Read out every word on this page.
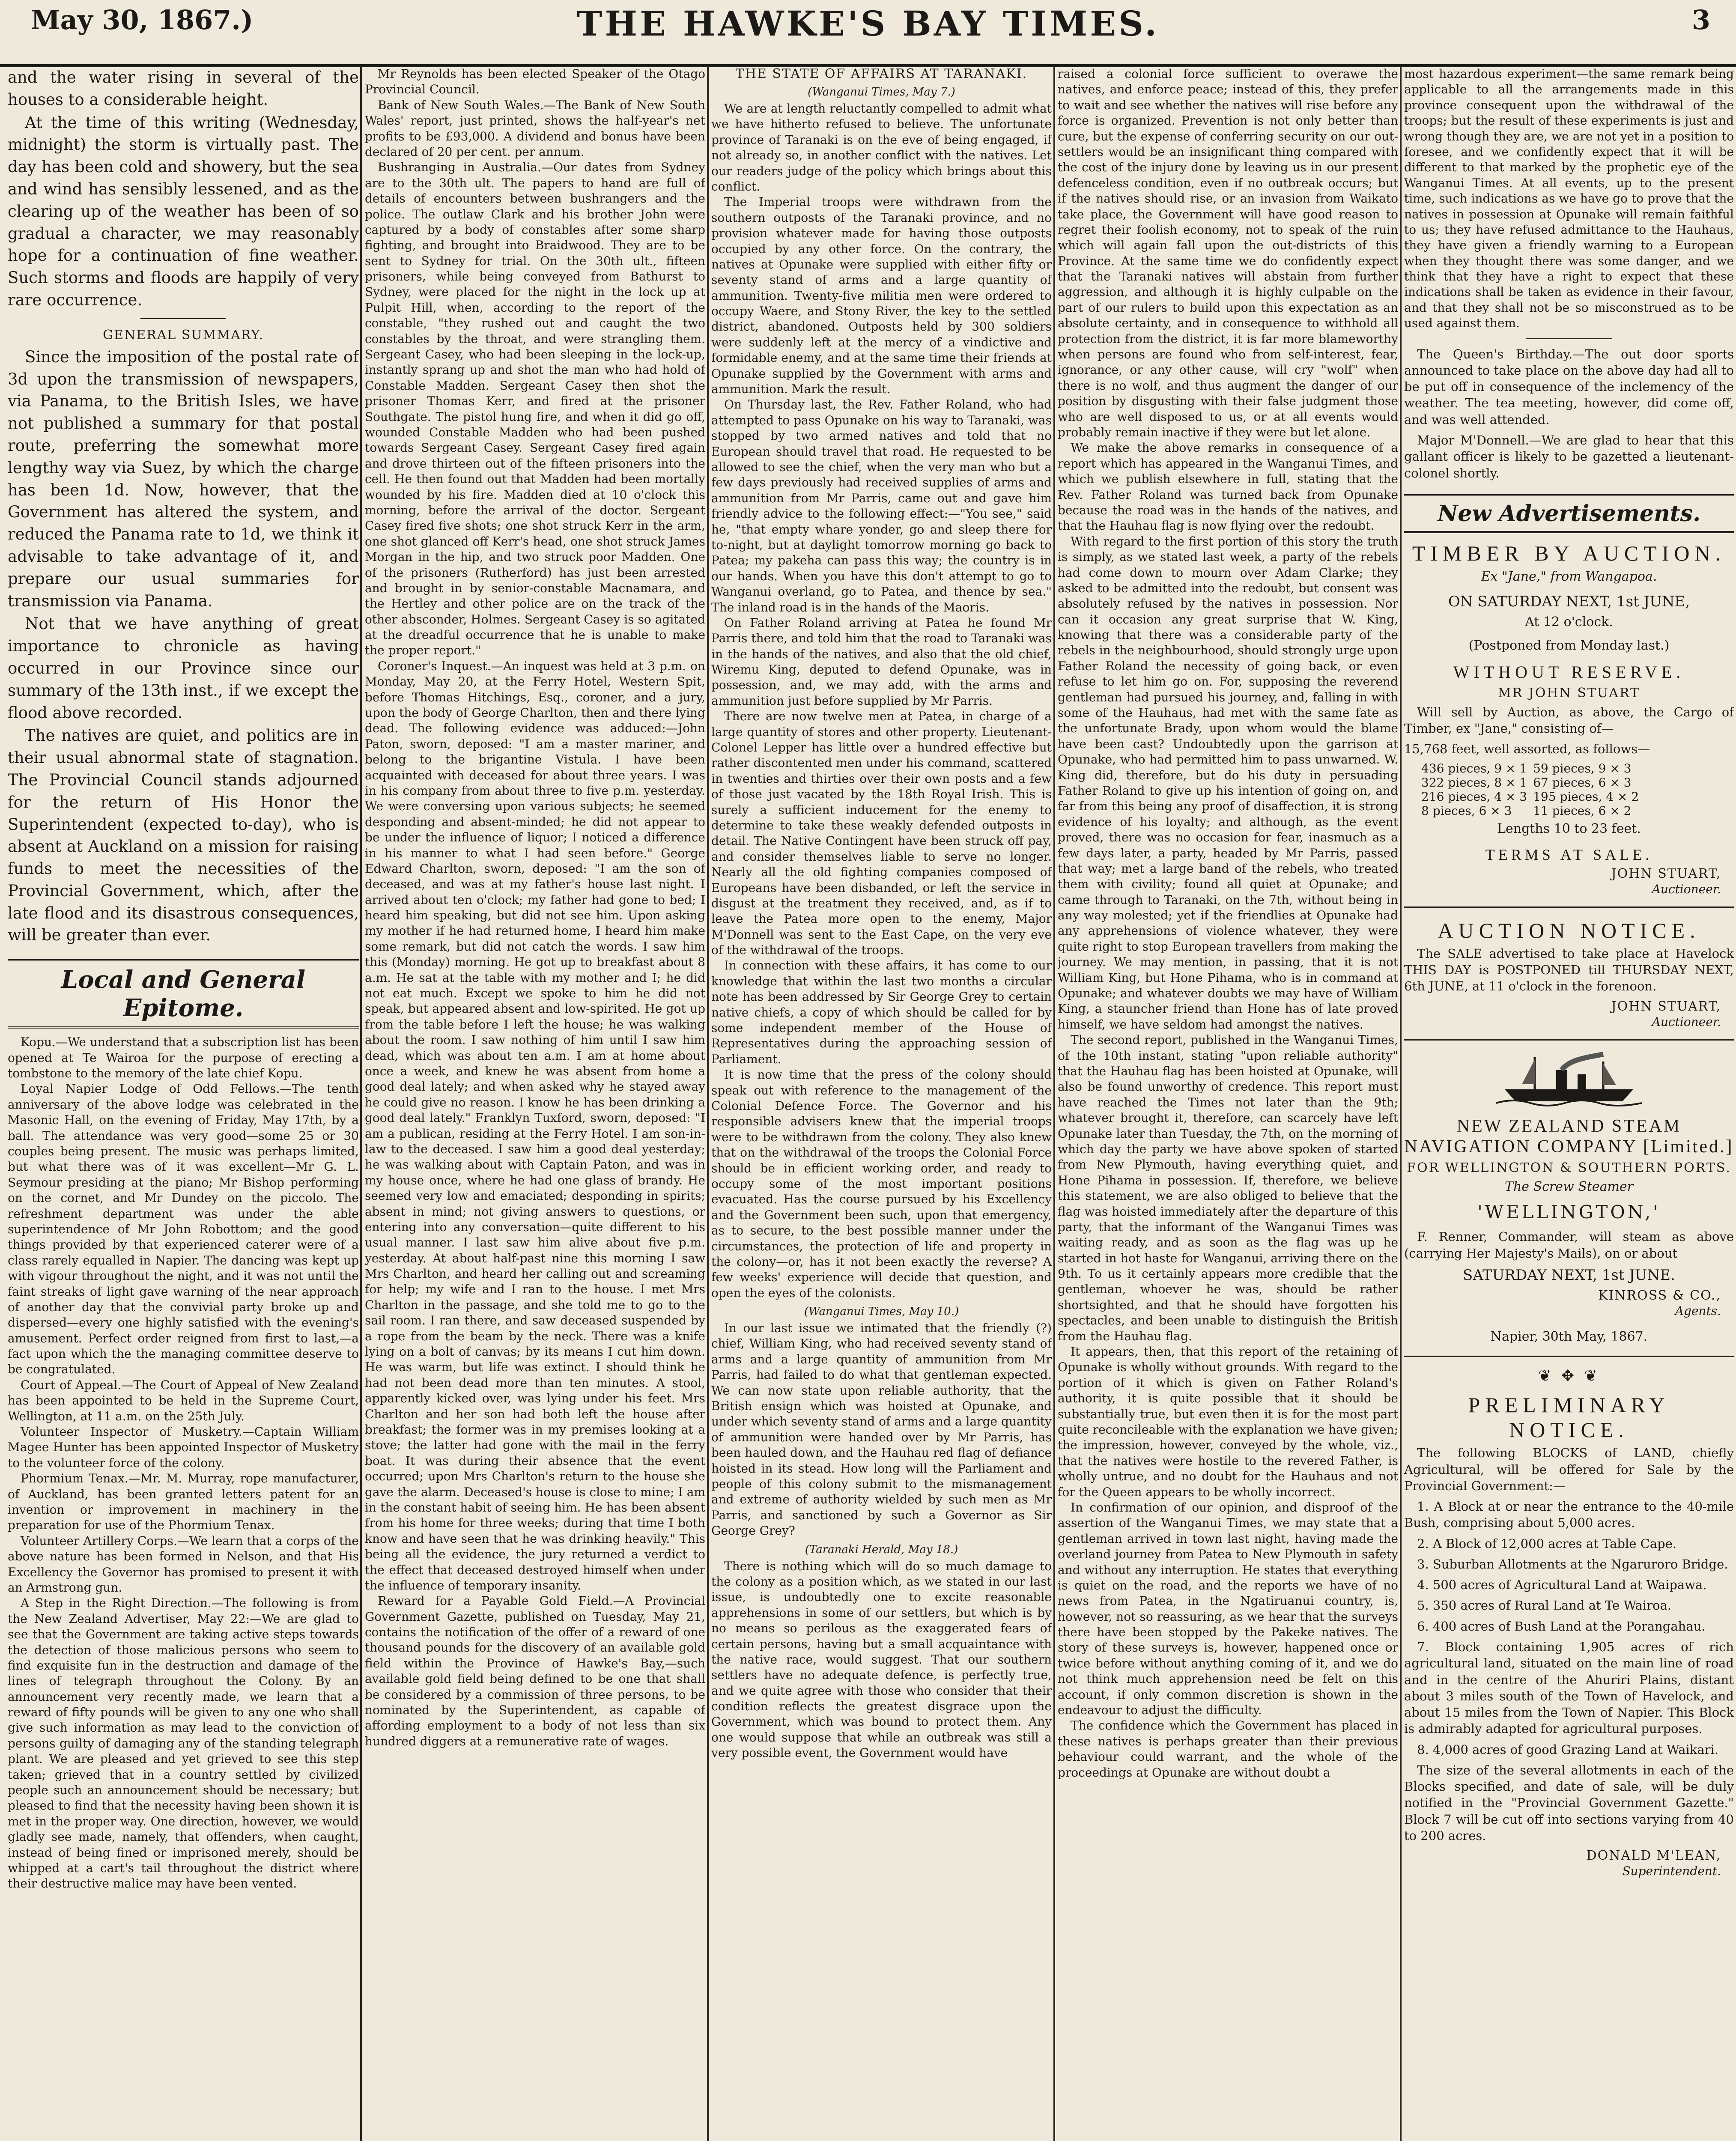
May 30, 1867.)	THE HAWKE'S BAY TIMES.	3

and the water rising in several of the houses to a considerable height.

At the time of this writing (Wednesday, midnight) the storm is virtually past. The day has been cold and showery, but the sea and wind has sensibly lessened, and as the clearing up of the weather has been of so gradual a character, we may reasonably hope for a continuation of fine weather. Such storms and floods are happily of very rare occurrence.

GENERAL SUMMARY.

Since the imposition of the postal rate of 3d upon the transmission of newspapers, via Panama, to the British Isles, we have not published a summary for that postal route, preferring the somewhat more lengthy way via Suez, by which the charge has been 1d. Now, however, that the Government has altered the system, and reduced the Panama rate to 1d, we think it advisable to take advantage of it, and prepare our usual summaries for transmission via Panama.

Not that we have anything of great importance to chronicle as having occurred in our Province since our summary of the 13th inst., if we except the flood above recorded.

The natives are quiet, and politics are in their usual abnormal state of stagnation. The Provincial Council stands adjourned for the return of His Honor the Superintendent (expected to-day), who is absent at Auckland on a mission for raising funds to meet the necessities of the Provincial Government, which, after the late flood and its disastrous consequences, will be greater than ever.

Local and General Epitome.

Kopu.—We understand that a subscription list has been opened at Te Wairoa for the purpose of erecting a tombstone to the memory of the late chief Kopu.

Loyal Napier Lodge of Odd Fellows.—The tenth anniversary of the above lodge was celebrated in the Masonic Hall, on the evening of Friday, May 17th, by a ball. The attendance was very good—some 25 or 30 couples being present. The music was perhaps limited, but what there was of it was excellent—Mr G. L. Seymour presiding at the piano; Mr Bishop performing on the cornet, and Mr Dundey on the piccolo. The refreshment department was under the able superintendence of Mr John Robottom; and the good things provided by that experienced caterer were of a class rarely equalled in Napier. The dancing was kept up with vigour throughout the night, and it was not until the faint streaks of light gave warning of the near approach of another day that the convivial party broke up and dispersed—every one highly satisfied with the evening's amusement. Perfect order reigned from first to last,—a fact upon which the the managing committee deserve to be congratulated.

Court of Appeal.—The Court of Appeal of New Zealand has been appointed to be held in the Supreme Court, Wellington, at 11 a.m. on the 25th July.

Volunteer Inspector of Musketry.—Captain William Magee Hunter has been appointed Inspector of Musketry to the volunteer force of the colony.

Phormium Tenax.—Mr. M. Murray, rope manufacturer, of Auckland, has been granted letters patent for an invention or improvement in machinery in the preparation for use of the Phormium Tenax.

Volunteer Artillery Corps.—We learn that a corps of the above nature has been formed in Nelson, and that His Excellency the Governor has promised to present it with an Armstrong gun.

A Step in the Right Direction.—The following is from the New Zealand Advertiser, May 22:—We are glad to see that the Government are taking active steps towards the detection of those malicious persons who seem to find exquisite fun in the destruction and damage of the lines of telegraph throughout the Colony. By an announcement very recently made, we learn that a reward of fifty pounds will be given to any one who shall give such information as may lead to the conviction of persons guilty of damaging any of the standing telegraph plant. We are pleased and yet grieved to see this step taken; grieved that in a country settled by civilized people such an announcement should be necessary; but pleased to find that the necessity having been shown it is met in the proper way. One direction, however, we would gladly see made, namely, that offenders, when caught, instead of being fined or imprisoned merely, should be whipped at a cart's tail throughout the district where their destructive malice may have been vented.

Mr Reynolds has been elected Speaker of the Otago Provincial Council.

Bank of New South Wales.—The Bank of New South Wales' report, just printed, shows the half-year's net profits to be £93,000. A dividend and bonus have been declared of 20 per cent. per annum.

Bushranging in Australia.—Our dates from Sydney are to the 30th ult. The papers to hand are full of details of encounters between bushrangers and the police. The outlaw Clark and his brother John were captured by a body of constables after some sharp fighting, and brought into Braidwood. They are to be sent to Sydney for trial. On the 30th ult., fifteen prisoners, while being conveyed from Bathurst to Sydney, were placed for the night in the lock up at Pulpit Hill, when, according to the report of the constable, "they rushed out and caught the two constables by the throat, and were strangling them. Sergeant Casey, who had been sleeping in the lock-up, instantly sprang up and shot the man who had hold of Constable Madden. Sergeant Casey then shot the prisoner Thomas Kerr, and fired at the prisoner Southgate. The pistol hung fire, and when it did go off, wounded Constable Madden who had been pushed towards Sergeant Casey. Sergeant Casey fired again and drove thirteen out of the fifteen prisoners into the cell. He then found out that Madden had been mortally wounded by his fire. Madden died at 10 o'clock this morning, before the arrival of the doctor. Sergeant Casey fired five shots; one shot struck Kerr in the arm, one shot glanced off Kerr's head, one shot struck James Morgan in the hip, and two struck poor Madden. One of the prisoners (Rutherford) has just been arrested and brought in by senior-constable Macnamara, and the Hertley and other police are on the track of the other absconder, Holmes. Sergeant Casey is so agitated at the dreadful occurrence that he is unable to make the proper report."

Coroner's Inquest.—An inquest was held at 3 p.m. on Monday, May 20, at the Ferry Hotel, Western Spit, before Thomas Hitchings, Esq., coroner, and a jury, upon the body of George Charlton, then and there lying dead. The following evidence was adduced:—John Paton, sworn, deposed: "I am a master mariner, and belong to the brigantine Vistula. I have been acquainted with deceased for about three years. I was in his company from about three to five p.m. yesterday. We were conversing upon various subjects; he seemed desponding and absent-minded; he did not appear to be under the influence of liquor; I noticed a difference in his manner to what I had seen before." George Edward Charlton, sworn, deposed: "I am the son of deceased, and was at my father's house last night. I arrived about ten o'clock; my father had gone to bed; I heard him speaking, but did not see him. Upon asking my mother if he had returned home, I heard him make some remark, but did not catch the words. I saw him this (Monday) morning. He got up to breakfast about 8 a.m. He sat at the table with my mother and I; he did not eat much. Except we spoke to him he did not speak, but appeared absent and low-spirited. He got up from the table before I left the house; he was walking about the room. I saw nothing of him until I saw him dead, which was about ten a.m. I am at home about once a week, and knew he was absent from home a good deal lately; and when asked why he stayed away he could give no reason. I know he has been drinking a good deal lately." Franklyn Tuxford, sworn, deposed: "I am a publican, residing at the Ferry Hotel. I am son-in-law to the deceased. I saw him a good deal yesterday; he was walking about with Captain Paton, and was in my house once, where he had one glass of brandy. He seemed very low and emaciated; desponding in spirits; absent in mind; not giving answers to questions, or entering into any conversation—quite different to his usual manner. I last saw him alive about five p.m. yesterday. At about half-past nine this morning I saw Mrs Charlton, and heard her calling out and screaming for help; my wife and I ran to the house. I met Mrs Charlton in the passage, and she told me to go to the sail room. I ran there, and saw deceased suspended by a rope from the beam by the neck. There was a knife lying on a bolt of canvas; by its means I cut him down. He was warm, but life was extinct. I should think he had not been dead more than ten minutes. A stool, apparently kicked over, was lying under his feet. Mrs Charlton and her son had both left the house after breakfast; the former was in my premises looking at a stove; the latter had gone with the mail in the ferry boat. It was during their absence that the event occurred; upon Mrs Charlton's return to the house she gave the alarm. Deceased's house is close to mine; I am in the constant habit of seeing him. He has been absent from his home for three weeks; during that time I both know and have seen that he was drinking heavily." This being all the evidence, the jury returned a verdict to the effect that deceased destroyed himself when under the influence of temporary insanity.

Reward for a Payable Gold Field.—A Provincial Government Gazette, published on Tuesday, May 21, contains the notification of the offer of a reward of one thousand pounds for the discovery of an available gold field within the Province of Hawke's Bay,—such available gold field being defined to be one that shall be considered by a commission of three persons, to be nominated by the Superintendent, as capable of affording employment to a body of not less than six hundred diggers at a remunerative rate of wages.

THE STATE OF AFFAIRS AT TARANAKI.
(Wanganui Times, May 7.)

We are at length reluctantly compelled to admit what we have hitherto refused to believe. The unfortunate province of Taranaki is on the eve of being engaged, if not already so, in another conflict with the natives. Let our readers judge of the policy which brings about this conflict.

The Imperial troops were withdrawn from the southern outposts of the Taranaki province, and no provision whatever made for having those outposts occupied by any other force. On the contrary, the natives at Opunake were supplied with either fifty or seventy stand of arms and a large quantity of ammunition. Twenty-five militia men were ordered to occupy Waere, and Stony River, the key to the settled district, abandoned. Outposts held by 300 soldiers were suddenly left at the mercy of a vindictive and formidable enemy, and at the same time their friends at Opunake supplied by the Government with arms and ammunition. Mark the result.

On Thursday last, the Rev. Father Roland, who had attempted to pass Opunake on his way to Taranaki, was stopped by two armed natives and told that no European should travel that road. He requested to be allowed to see the chief, when the very man who but a few days previously had received supplies of arms and ammunition from Mr Parris, came out and gave him friendly advice to the following effect:—"You see," said he, "that empty whare yonder, go and sleep there for to-night, but at daylight tomorrow morning go back to Patea; my pakeha can pass this way; the country is in our hands. When you have this don't attempt to go to Wanganui overland, go to Patea, and thence by sea." The inland road is in the hands of the Maoris.

On Father Roland arriving at Patea he found Mr Parris there, and told him that the road to Taranaki was in the hands of the natives, and also that the old chief, Wiremu King, deputed to defend Opunake, was in possession, and, we may add, with the arms and ammunition just before supplied by Mr Parris.

There are now twelve men at Patea, in charge of a large quantity of stores and other property. Lieutenant-Colonel Lepper has little over a hundred effective but rather discontented men under his command, scattered in twenties and thirties over their own posts and a few of those just vacated by the 18th Royal Irish. This is surely a sufficient inducement for the enemy to determine to take these weakly defended outposts in detail. The Native Contingent have been struck off pay, and consider themselves liable to serve no longer. Nearly all the old fighting companies composed of Europeans have been disbanded, or left the service in disgust at the treatment they received, and, as if to leave the Patea more open to the enemy, Major M'Donnell was sent to the East Cape, on the very eve of the withdrawal of the troops.

In connection with these affairs, it has come to our knowledge that within the last two months a circular note has been addressed by Sir George Grey to certain native chiefs, a copy of which should be called for by some independent member of the House of Representatives during the approaching session of Parliament.

It is now time that the press of the colony should speak out with reference to the management of the Colonial Defence Force. The Governor and his responsible advisers knew that the imperial troops were to be withdrawn from the colony. They also knew that on the withdrawal of the troops the Colonial Force should be in efficient working order, and ready to occupy some of the most important positions evacuated. Has the course pursued by his Excellency and the Government been such, upon that emergency, as to secure, to the best possible manner under the circumstances, the protection of life and property in the colony—or, has it not been exactly the reverse? A few weeks' experience will decide that question, and open the eyes of the colonists.

(Wanganui Times, May 10.)

In our last issue we intimated that the friendly (?) chief, William King, who had received seventy stand of arms and a large quantity of ammunition from Mr Parris, had failed to do what that gentleman expected. We can now state upon reliable authority, that the British ensign which was hoisted at Opunake, and under which seventy stand of arms and a large quantity of ammunition were handed over by Mr Parris, has been hauled down, and the Hauhau red flag of defiance hoisted in its stead. How long will the Parliament and people of this colony submit to the mismanagement and extreme of authority wielded by such men as Mr Parris, and sanctioned by such a Governor as Sir George Grey?

(Taranaki Herald, May 18.)

There is nothing which will do so much damage to the colony as a position which, as we stated in our last issue, is undoubtedly one to excite reasonable apprehensions in some of our settlers, but which is by no means so perilous as the exaggerated fears of certain persons, having but a small acquaintance with the native race, would suggest. That our southern settlers have no adequate defence, is perfectly true, and we quite agree with those who consider that their condition reflects the greatest disgrace upon the Government, which was bound to protect them. Any one would suppose that while an outbreak was still a very possible event, the Government would have

raised a colonial force sufficient to overawe the natives, and enforce peace; instead of this, they prefer to wait and see whether the natives will rise before any force is organized. Prevention is not only better than cure, but the expense of conferring security on our out-settlers would be an insignificant thing compared with the cost of the injury done by leaving us in our present defenceless condition, even if no outbreak occurs; but if the natives should rise, or an invasion from Waikato take place, the Government will have good reason to regret their foolish economy, not to speak of the ruin which will again fall upon the out-districts of this Province. At the same time we do confidently expect that the Taranaki natives will abstain from further aggression, and although it is highly culpable on the part of our rulers to build upon this expectation as an absolute certainty, and in consequence to withhold all protection from the district, it is far more blameworthy when persons are found who from self-interest, fear, ignorance, or any other cause, will cry "wolf" when there is no wolf, and thus augment the danger of our position by disgusting with their false judgment those who are well disposed to us, or at all events would probably remain inactive if they were but let alone.

We make the above remarks in consequence of a report which has appeared in the Wanganui Times, and which we publish elsewhere in full, stating that the Rev. Father Roland was turned back from Opunake because the road was in the hands of the natives, and that the Hauhau flag is now flying over the redoubt.

With regard to the first portion of this story the truth is simply, as we stated last week, a party of the rebels had come down to mourn over Adam Clarke; they asked to be admitted into the redoubt, but consent was absolutely refused by the natives in possession. Nor can it occasion any great surprise that W. King, knowing that there was a considerable party of the rebels in the neighbourhood, should strongly urge upon Father Roland the necessity of going back, or even refuse to let him go on. For, supposing the reverend gentleman had pursued his journey, and, falling in with some of the Hauhaus, had met with the same fate as the unfortunate Brady, upon whom would the blame have been cast? Undoubtedly upon the garrison at Opunake, who had permitted him to pass unwarned. W. King did, therefore, but do his duty in persuading Father Roland to give up his intention of going on, and far from this being any proof of disaffection, it is strong evidence of his loyalty; and although, as the event proved, there was no occasion for fear, inasmuch as a few days later, a party, headed by Mr Parris, passed that way; met a large band of the rebels, who treated them with civility; found all quiet at Opunake; and came through to Taranaki, on the 7th, without being in any way molested; yet if the friendlies at Opunake had any apprehensions of violence whatever, they were quite right to stop European travellers from making the journey. We may mention, in passing, that it is not William King, but Hone Pihama, who is in command at Opunake; and whatever doubts we may have of William King, a stauncher friend than Hone has of late proved himself, we have seldom had amongst the natives.

The second report, published in the Wanganui Times, of the 10th instant, stating "upon reliable authority" that the Hauhau flag has been hoisted at Opunake, will also be found unworthy of credence. This report must have reached the Times not later than the 9th; whatever brought it, therefore, can scarcely have left Opunake later than Tuesday, the 7th, on the morning of which day the party we have above spoken of started from New Plymouth, having everything quiet, and Hone Pihama in possession. If, therefore, we believe this statement, we are also obliged to believe that the flag was hoisted immediately after the departure of this party, that the informant of the Wanganui Times was waiting ready, and as soon as the flag was up he started in hot haste for Wanganui, arriving there on the 9th. To us it certainly appears more credible that the gentleman, whoever he was, should be rather shortsighted, and that he should have forgotten his spectacles, and been unable to distinguish the British from the Hauhau flag.

It appears, then, that this report of the retaining of Opunake is wholly without grounds. With regard to the portion of it which is given on Father Roland's authority, it is quite possible that it should be substantially true, but even then it is for the most part quite reconcileable with the explanation we have given; the impression, however, conveyed by the whole, viz., that the natives were hostile to the revered Father, is wholly untrue, and no doubt for the Hauhaus and not for the Queen appears to be wholly incorrect.

In confirmation of our opinion, and disproof of the assertion of the Wanganui Times, we may state that a gentleman arrived in town last night, having made the overland journey from Patea to New Plymouth in safety and without any interruption. He states that everything is quiet on the road, and the reports we have of no news from Patea, in the Ngatiruanui country, is, however, not so reassuring, as we hear that the surveys there have been stopped by the Pakeke natives. The story of these surveys is, however, happened once or twice before without anything coming of it, and we do not think much apprehension need be felt on this account, if only common discretion is shown in the endeavour to adjust the difficulty.

The confidence which the Government has placed in these natives is perhaps greater than their previous behaviour could warrant, and the whole of the proceedings at Opunake are without doubt a

most hazardous experiment—the same remark being applicable to all the arrangements made in this province consequent upon the withdrawal of the troops; but the result of these experiments is just and wrong though they are, we are not yet in a position to foresee, and we confidently expect that it will be different to that marked by the prophetic eye of the Wanganui Times. At all events, up to the present time, such indications as we have go to prove that the natives in possession at Opunake will remain faithful to us; they have refused admittance to the Hauhaus, they have given a friendly warning to a European when they thought there was some danger, and we think that they have a right to expect that these indications shall be taken as evidence in their favour, and that they shall not be so misconstrued as to be used against them.

The Queen's Birthday.—The out door sports announced to take place on the above day had all to be put off in consequence of the inclemency of the weather. The tea meeting, however, did come off, and was well attended.

Major M'Donnell.—We are glad to hear that this gallant officer is likely to be gazetted a lieutenant-colonel shortly.

New Advertisements.
TIMBER BY AUCTION.
Ex "Jane," from Wangapoa.
ON SATURDAY NEXT, 1st JUNE,
At 12 o'clock.
(Postponed from Monday last.)
WITHOUT RESERVE.
MR JOHN STUART

Will sell by Auction, as above, the Cargo of Timber, ex "Jane," consisting of—

15,768 feet, well assorted, as follows—

436 pieces, 9 × 1	59 pieces, 9 × 3
322 pieces, 8 × 1	67 pieces, 6 × 3
216 pieces, 4 × 3	195 pieces, 4 × 2
8 pieces, 6 × 3	11 pieces, 6 × 2
Lengths 10 to 23 feet.
TERMS AT SALE.
JOHN STUART,
Auctioneer.
AUCTION NOTICE.

The SALE advertised to take place at Havelock THIS DAY is POSTPONED till THURSDAY NEXT, 6th JUNE, at 11 o'clock in the forenoon.

JOHN STUART,
Auctioneer.
NEW ZEALAND STEAM NAVIGATION COMPANY [Limited.]
FOR WELLINGTON & SOUTHERN PORTS.
The Screw Steamer
'WELLINGTON,'

F. Renner, Commander, will steam as above (carrying Her Majesty's Mails), on or about

SATURDAY NEXT, 1st JUNE.
KINROSS & CO.,
Agents.
Napier, 30th May, 1867.
❦ ✥ ❦
PRELIMINARY NOTICE.

The following BLOCKS of LAND, chiefly Agricultural, will be offered for Sale by the Provincial Government:—

1. A Block at or near the entrance to the 40-mile Bush, comprising about 5,000 acres.

2. A Block of 12,000 acres at Table Cape.

3. Suburban Allotments at the Ngaruroro Bridge.

4. 500 acres of Agricultural Land at Waipawa.

5. 350 acres of Rural Land at Te Wairoa.

6. 400 acres of Bush Land at the Porangahau.

7. Block containing 1,905 acres of rich agricultural land, situated on the main line of road and in the centre of the Ahuriri Plains, distant about 3 miles south of the Town of Havelock, and about 15 miles from the Town of Napier. This Block is admirably adapted for agricultural purposes.

8. 4,000 acres of good Grazing Land at Waikari.

The size of the several allotments in each of the Blocks specified, and date of sale, will be duly notified in the "Provincial Government Gazette." Block 7 will be cut off into sections varying from 40 to 200 acres.

DONALD M'LEAN,
Superintendent.
